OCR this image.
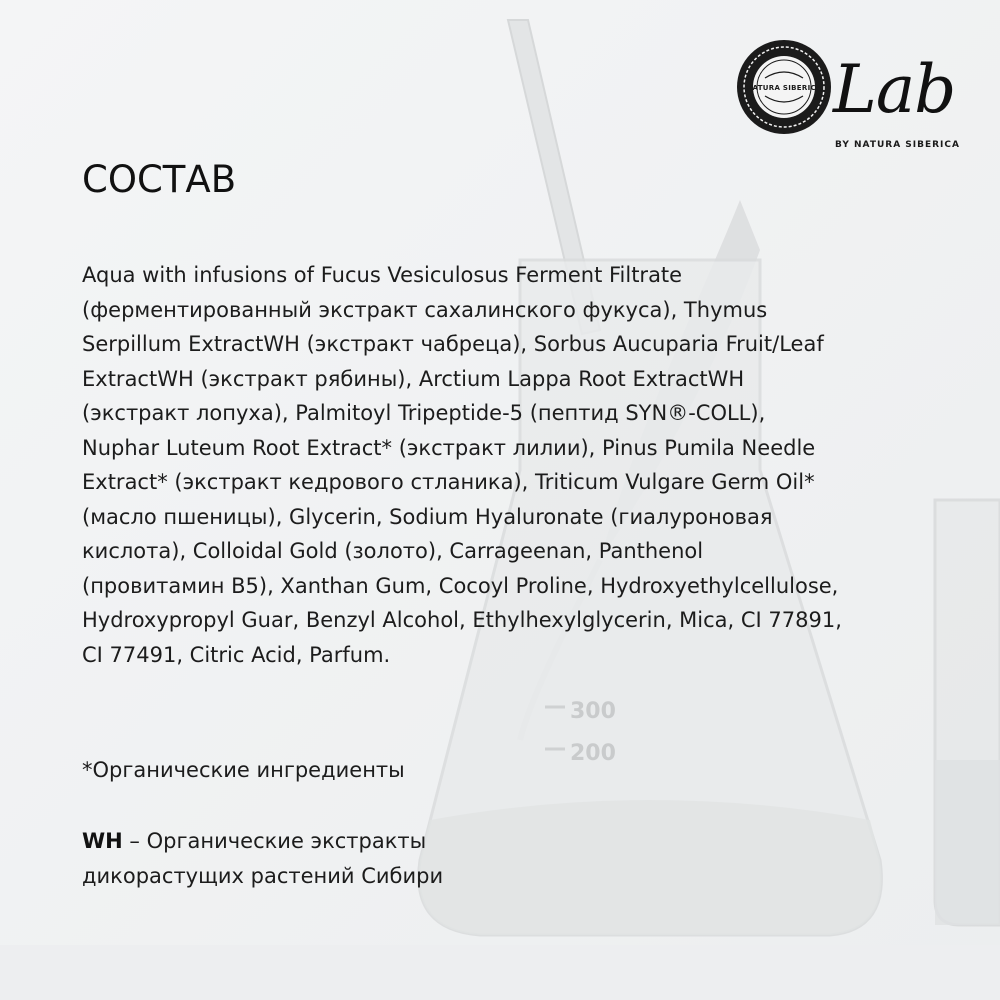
300
200
NATURA SIBERICA Lab

BY NATURA SIBERICA

СОСТАВ

Aqua with infusions of Fucus Vesiculosus Ferment Filtrate (ферментированный экстракт сахалинского фукуса), Thymus Serpillum ExtractWH (экстракт чабреца), Sorbus Aucuparia Fruit/Leaf ExtractWH (экстракт рябины), Arctium Lappa Root ExtractWH (экстракт лопуха), Palmitoyl Tripeptide-5 (пептид SYN®-COLL), Nuphar Luteum Root Extract* (экстракт лилии), Pinus Pumila Needle Extract* (экстракт кедрового стланика), Triticum Vulgare Germ Oil* (масло пшеницы), Glycerin, Sodium Hyaluronate (гиалуроновая кислота), Colloidal Gold (золото), Carrageenan, Panthenol (провитамин B5), Xanthan Gum, Cocoyl Proline, Hydroxyethylcellulose, Hydroxypropyl Guar, Benzyl Alcohol, Ethylhexylglycerin, Mica, CI 77891, CI 77491, Citric Acid, Parfum.

*Органические ингредиенты

WH – Органические экстракты дикорастущих растений Сибири
